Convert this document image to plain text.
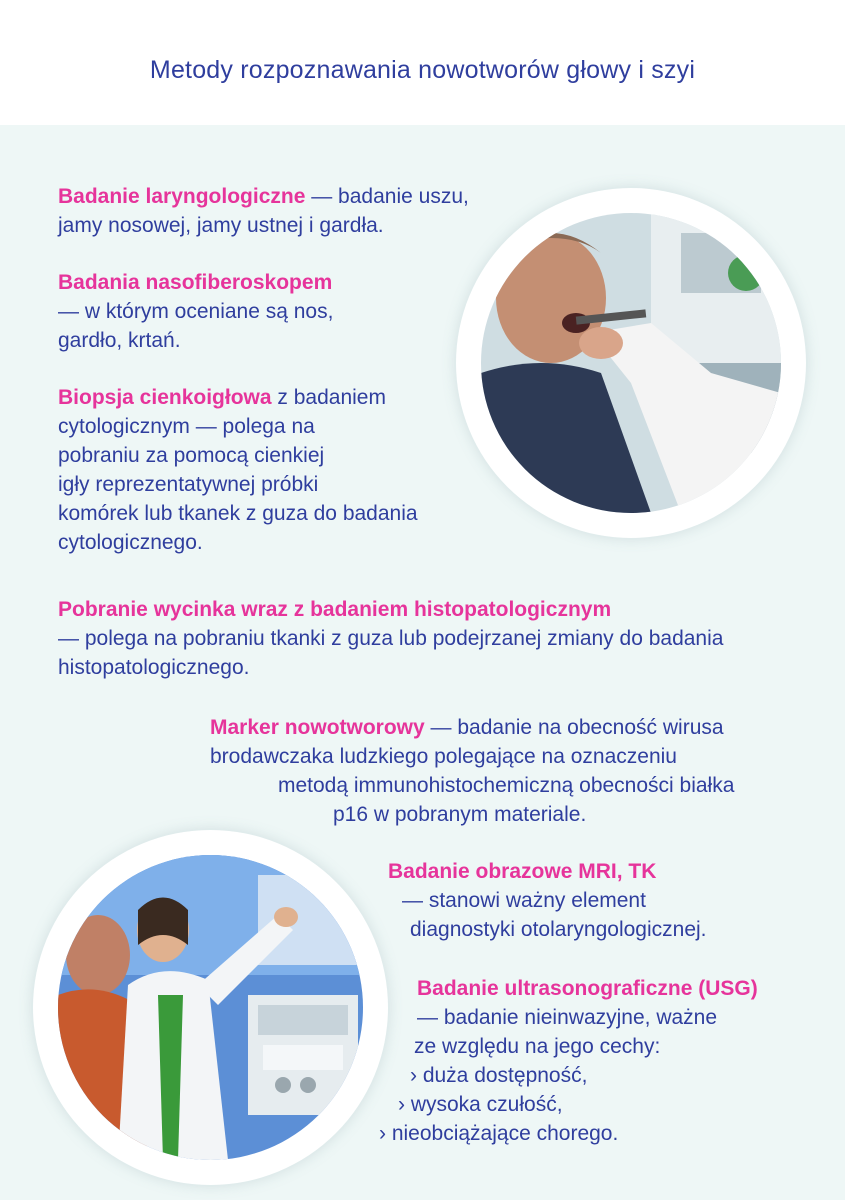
Metody rozpoznawania nowotworów głowy i szyi

Badanie laryngologiczne — badanie uszu,

jamy nosowej, jamy ustnej i gardła.

Badania nasofiberoskopem

— w którym oceniane są nos,

gardło, krtań.

Biopsja cienkoigłowa z badaniem

cytologicznym — polega na

pobraniu za pomocą cienkiej

igły reprezentatywnej próbki

komórek lub tkanek z guza do badania

cytologicznego.

Pobranie wycinka wraz z badaniem histopatologicznym

— polega na pobraniu tkanki z guza lub podejrzanej zmiany do badania

histopatologicznego.

Marker nowotworowy — badanie na obecność wirusa

brodawczaka ludzkiego polegające na oznaczeniu

metodą immunohistochemiczną obecności białka

p16 w pobranym materiale.

Badanie obrazowe MRI, TK

— stanowi ważny element

diagnostyki otolaryngologicznej.

Badanie ultrasonograficzne (USG)

— badanie nieinwazyjne, ważne

ze względu na jego cechy:

› duża dostępność,

› wysoka czułość,

› nieobciążające chorego.
